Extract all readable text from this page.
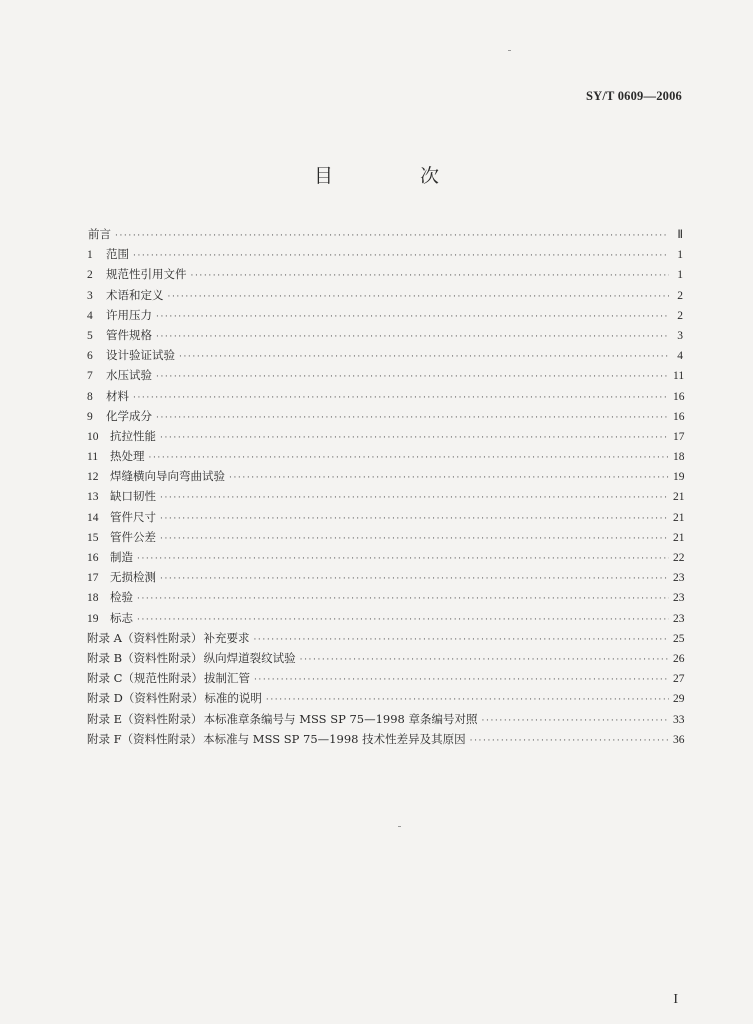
SY/T 0609—2006
目　次
前言 ·····	Ⅱ
1	范围 ·····	1
2	规范性引用文件 ·····	1
3	术语和定义 ·····	2
4	许用压力 ·····	2
5	管件规格 ·····	3
6	设计验证试验 ·····	4
7	水压试验 ·····	11
8	材料 ·····	16
9	化学成分 ·····	16
10	抗拉性能 ·····	17
11	热处理 ·····	18
12	焊缝横向导向弯曲试验 ·····	19
13	缺口韧性 ·····	21
14	管件尺寸 ·····	21
15	管件公差 ·····	21
16	制造 ·····	22
17	无损检测 ·····	23
18	检验 ·····	23
19	标志 ·····	23
附录 A（资料性附录） 补充要求 ·····	25
附录 B（资料性附录） 纵向焊道裂纹试验 ·····	26
附录 C（规范性附录） 拔制汇管 ·····	27
附录 D（资料性附录） 标准的说明 ·····	29
附录 E（资料性附录） 本标准章条编号与 MSS SP 75—1998 章条编号对照 ·····	33
附录 F（资料性附录） 本标准与 MSS SP 75—1998 技术性差异及其原因 ·····	36
I
